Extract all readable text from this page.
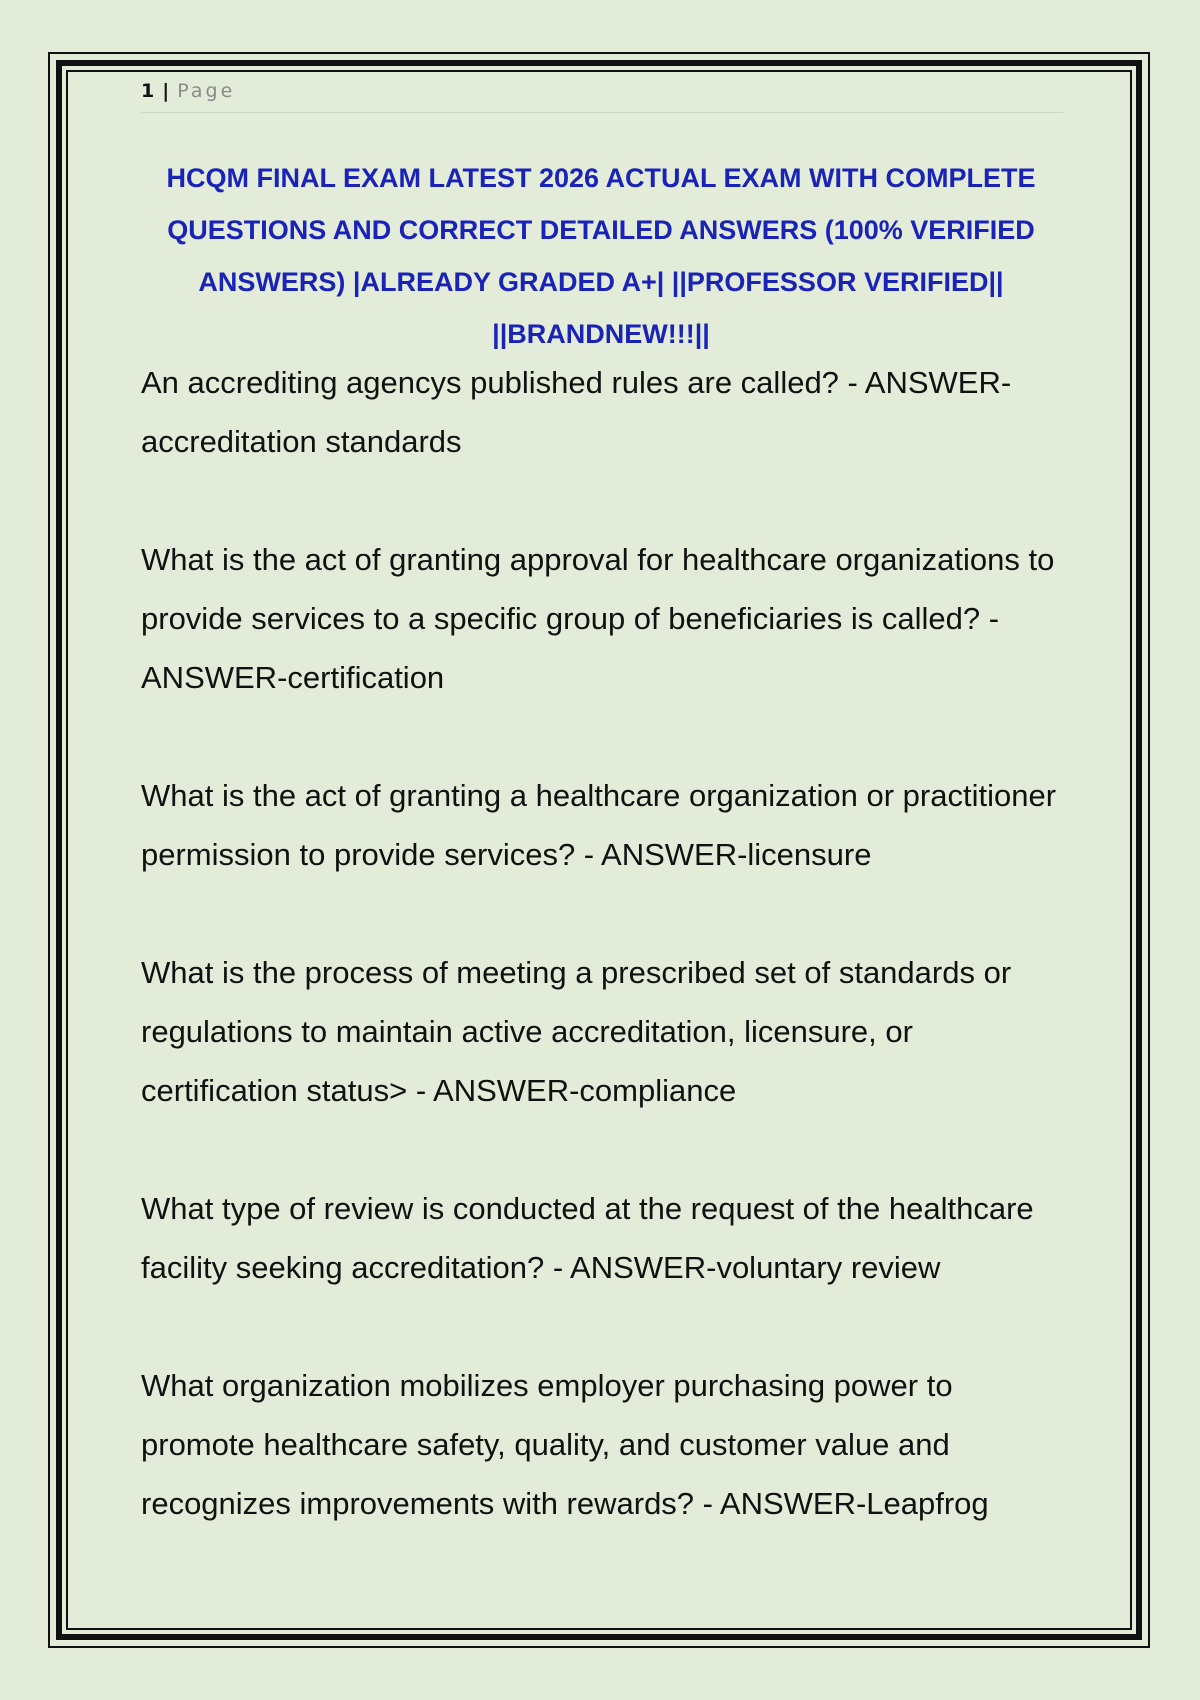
1 | Page
HCQM FINAL EXAM LATEST 2026 ACTUAL EXAM WITH COMPLETE QUESTIONS AND CORRECT DETAILED ANSWERS (100% VERIFIED ANSWERS) |ALREADY GRADED A+| ||PROFESSOR VERIFIED|| ||BRANDNEW!!!||

An accrediting agencys published rules are called? - ANSWER-accreditation standards

What is the act of granting approval for healthcare organizations to provide services to a specific group of beneficiaries is called? - ANSWER-certification

What is the act of granting a healthcare organization or practitioner permission to provide services? - ANSWER-licensure

What is the process of meeting a prescribed set of standards or regulations to maintain active accreditation, licensure, or certification status> - ANSWER-compliance

What type of review is conducted at the request of the healthcare facility seeking accreditation? - ANSWER-voluntary review

What organization mobilizes employer purchasing power to promote healthcare safety, quality, and customer value and recognizes improvements with rewards? - ANSWER-Leapfrog
